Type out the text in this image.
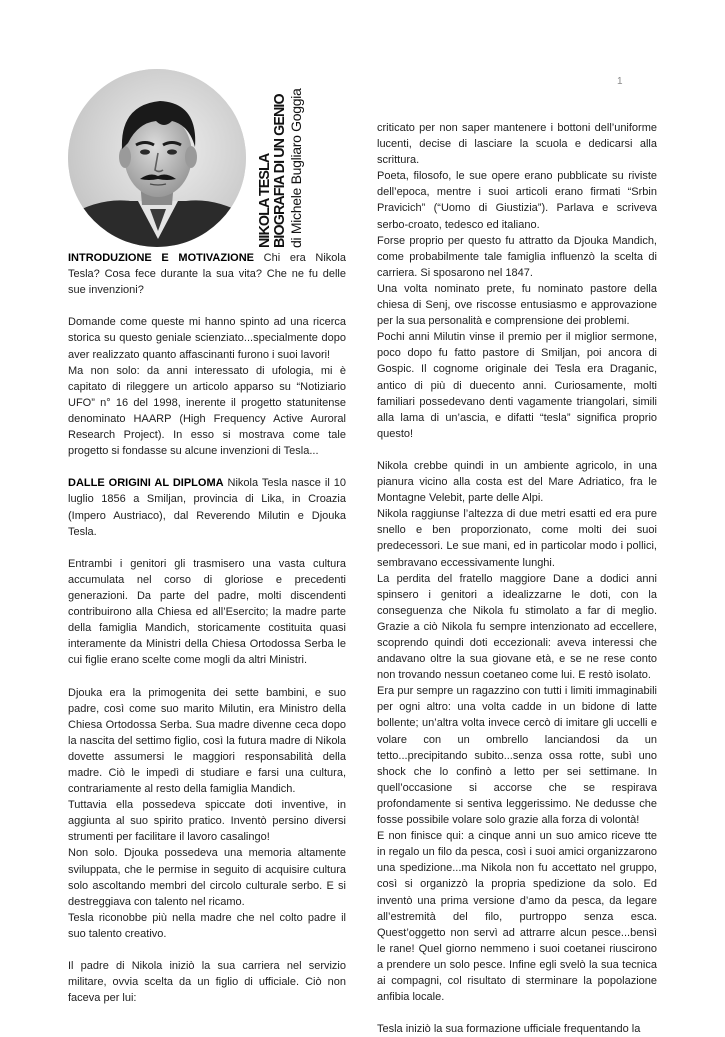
1
NIKOLA TESLA BIOGRAFIA DI UN GENIO di Michele Bugliaro Goggia

INTRODUZIONE E MOTIVAZIONE Chi era Nikola Tesla? Cosa fece durante la sua vita? Che ne fu delle sue invenzioni?

Domande come queste mi hanno spinto ad una ricerca storica su questo geniale scienziato...specialmente dopo aver realizzato quanto affascinanti furono i suoi lavori!

Ma non solo: da anni interessato di ufologia, mi è capitato di rileggere un articolo apparso su “Notiziario UFO” n° 16 del 1998, inerente il progetto statunitense denominato HAARP (High Frequency Active Auroral Research Project). In esso si mostrava come tale progetto si fondasse su alcune invenzioni di Tesla...

DALLE ORIGINI AL DIPLOMA Nikola Tesla nasce il 10 luglio 1856 a Smiljan, provincia di Lika, in Croazia (Impero Austriaco), dal Reverendo Milutin e Djouka Tesla.

Entrambi i genitori gli trasmisero una vasta cultura accumulata nel corso di gloriose e precedenti generazioni. Da parte del padre, molti discendenti contribuirono alla Chiesa ed all’Esercito; la madre parte della famiglia Mandich, storicamente costituita quasi interamente da Ministri della Chiesa Ortodossa Serba le cui figlie erano scelte come mogli da altri Ministri.

Djouka era la primogenita dei sette bambini, e suo padre, così come suo marito Milutin, era Ministro della Chiesa Ortodossa Serba. Sua madre divenne ceca dopo la nascita del settimo figlio, così la futura madre di Nikola dovette assumersi le maggiori responsabilità della madre. Ciò le impedì di studiare e farsi una cultura, contrariamente al resto della famiglia Mandich.

Tuttavia ella possedeva spiccate doti inventive, in aggiunta al suo spirito pratico. Inventò persino diversi strumenti per facilitare il lavoro casalingo!

Non solo. Djouka possedeva una memoria altamente sviluppata, che le permise in seguito di acquisire cultura solo ascoltando membri del circolo culturale serbo. E si destreggiava con talento nel ricamo.

Tesla riconobbe più nella madre che nel colto padre il suo talento creativo.

Il padre di Nikola iniziò la sua carriera nel servizio militare, ovvia scelta da un figlio di ufficiale. Ciò non faceva per lui:

criticato per non saper mantenere i bottoni dell’uniforme lucenti, decise di lasciare la scuola e dedicarsi alla scrittura.

Poeta, filosofo, le sue opere erano pubblicate su riviste dell’epoca, mentre i suoi articoli erano firmati “Srbin Pravicich” (“Uomo di Giustizia”). Parlava e scriveva serbo-croato, tedesco ed italiano.

Forse proprio per questo fu attratto da Djouka Mandich, come probabilmente tale famiglia influenzò la scelta di carriera. Si sposarono nel 1847.

Una volta nominato prete, fu nominato pastore della chiesa di Senj, ove riscosse entusiasmo e approvazione per la sua personalità e comprensione dei problemi.

Pochi anni Milutin vinse il premio per il miglior sermone, poco dopo fu fatto pastore di Smiljan, poi ancora di Gospic. Il cognome originale dei Tesla era Draganic, antico di più di duecento anni. Curiosamente, molti familiari possedevano denti vagamente triangolari, simili alla lama di un’ascia, e difatti “tesla” significa proprio questo!

Nikola crebbe quindi in un ambiente agricolo, in una pianura vicino alla costa est del Mare Adriatico, fra le Montagne Velebit, parte delle Alpi.

Nikola raggiunse l’altezza di due metri esatti ed era pure snello e ben proporzionato, come molti dei suoi predecessori. Le sue mani, ed in particolar modo i pollici, sembravano eccessivamente lunghi.

La perdita del fratello maggiore Dane a dodici anni spinsero i genitori a idealizzarne le doti, con la conseguenza che Nikola fu stimolato a far di meglio. Grazie a ciò Nikola fu sempre intenzionato ad eccellere, scoprendo quindi doti eccezionali: aveva interessi che andavano oltre la sua giovane età, e se ne rese conto non trovando nessun coetaneo come lui. E restò isolato.

Era pur sempre un ragazzino con tutti i limiti immaginabili per ogni altro: una volta cadde in un bidone di latte bollente; un’altra volta invece cercò di imitare gli uccelli e volare con un ombrello lanciandosi da un tetto...precipitando subito...senza ossa rotte, subì uno shock che lo confinò a letto per sei settimane. In quell’occasione si accorse che se respirava profondamente si sentiva leggerissimo. Ne dedusse che fosse possibile volare solo grazie alla forza di volontà!

E non finisce qui: a cinque anni un suo amico riceve tte in regalo un filo da pesca, così i suoi amici organizzarono una spedizione...ma Nikola non fu accettato nel gruppo, così si organizzò la propria spedizione da solo. Ed inventò una prima versione d’amo da pesca, da legare all’estremità del filo, purtroppo senza esca. Quest’oggetto non servì ad attrarre alcun pesce...bensì le rane! Quel giorno nemmeno i suoi coetanei riuscirono a prendere un solo pesce. Infine egli svelò la sua tecnica ai compagni, col risultato di sterminare la popolazione anfibia locale.

Tesla iniziò la sua formazione ufficiale frequentando la
